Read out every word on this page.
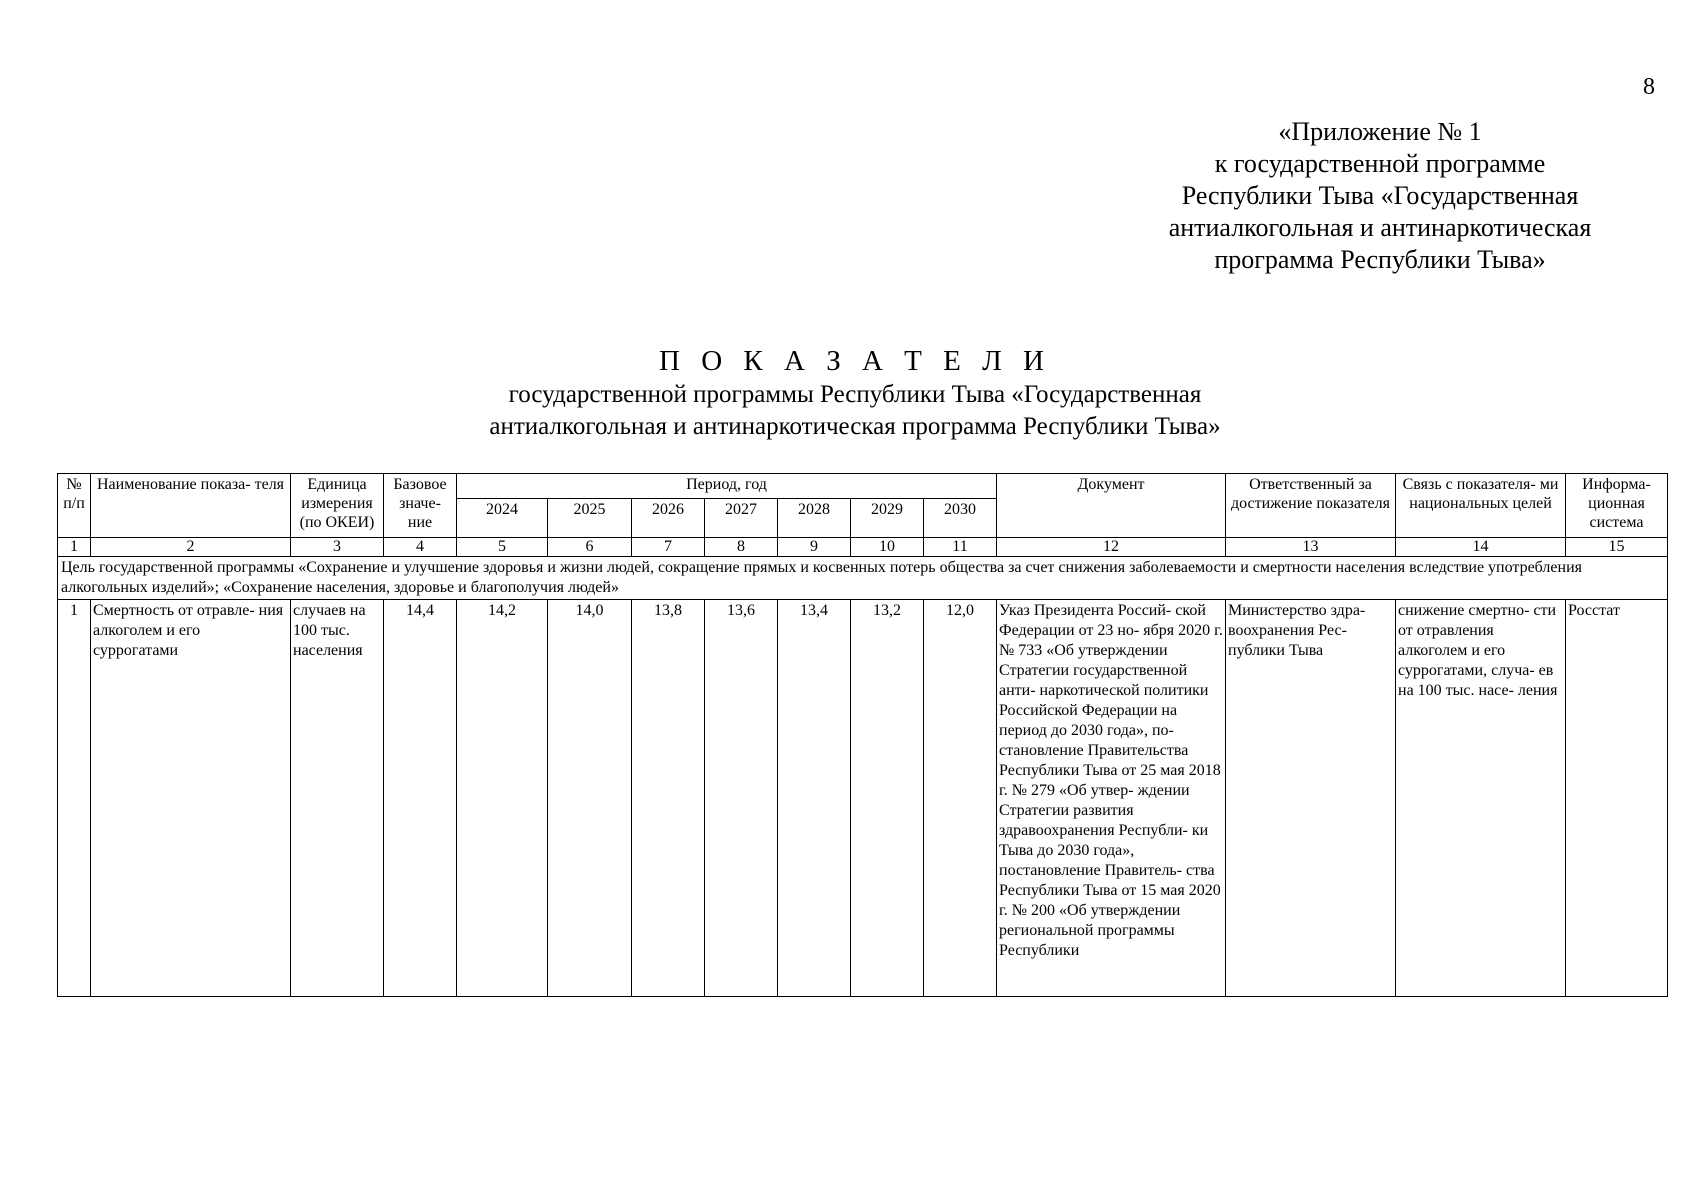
8
«Приложение № 1
к государственной программе
Республики Тыва «Государственная
антиалкогольная и антинаркотическая
программа Республики Тыва»
П О К А З А Т Е Л И
государственной программы Республики Тыва «Государственная
антиалкогольная и антинаркотическая программа Республики Тыва»
№ п/п	Наименование показа- теля	Единица измерения (по ОКЕИ)	Базовое значе- ние	Период, год							Документ	Ответственный за достижение показателя	Связь с показателя- ми национальных целей	Информа- ционная система
				2024	2025	2026	2027	2028	2029	2030				
1	2	3	4	5	6	7	8	9	10	11	12	13	14	15
Цель государственной программы «Сохранение и улучшение здоровья и жизни людей, сокращение прямых и косвенных потерь общества за счет снижения заболеваемости и смертности населения вследствие употребления алкогольных изделий»; «Сохранение населения, здоровье и благополучия людей»														
1	Смертность от отравле- ния алкоголем и его суррогатами	случаев на 100 тыс. населения	14,4	14,2	14,0	13,8	13,6	13,4	13,2	12,0	Указ Президента Россий- ской Федерации от 23 но- ября 2020 г. № 733 «Об утверждении Стратегии государственной анти- наркотической политики Российской Федерации на период до 2030 года», по- становление Правительства Республики Тыва от 25 мая 2018 г. № 279 «Об утвер- ждении Стратегии развития здравоохранения Республи- ки Тыва до 2030 года», постановление Правитель- ства Республики Тыва от 15 мая 2020 г. № 200 «Об утверждении региональной программы Республики	Министерство здра- воохранения Рес- публики Тыва	снижение смертно- сти от отравления алкоголем и его суррогатами, случа- ев на 100 тыс. насе- ления	Росстат
